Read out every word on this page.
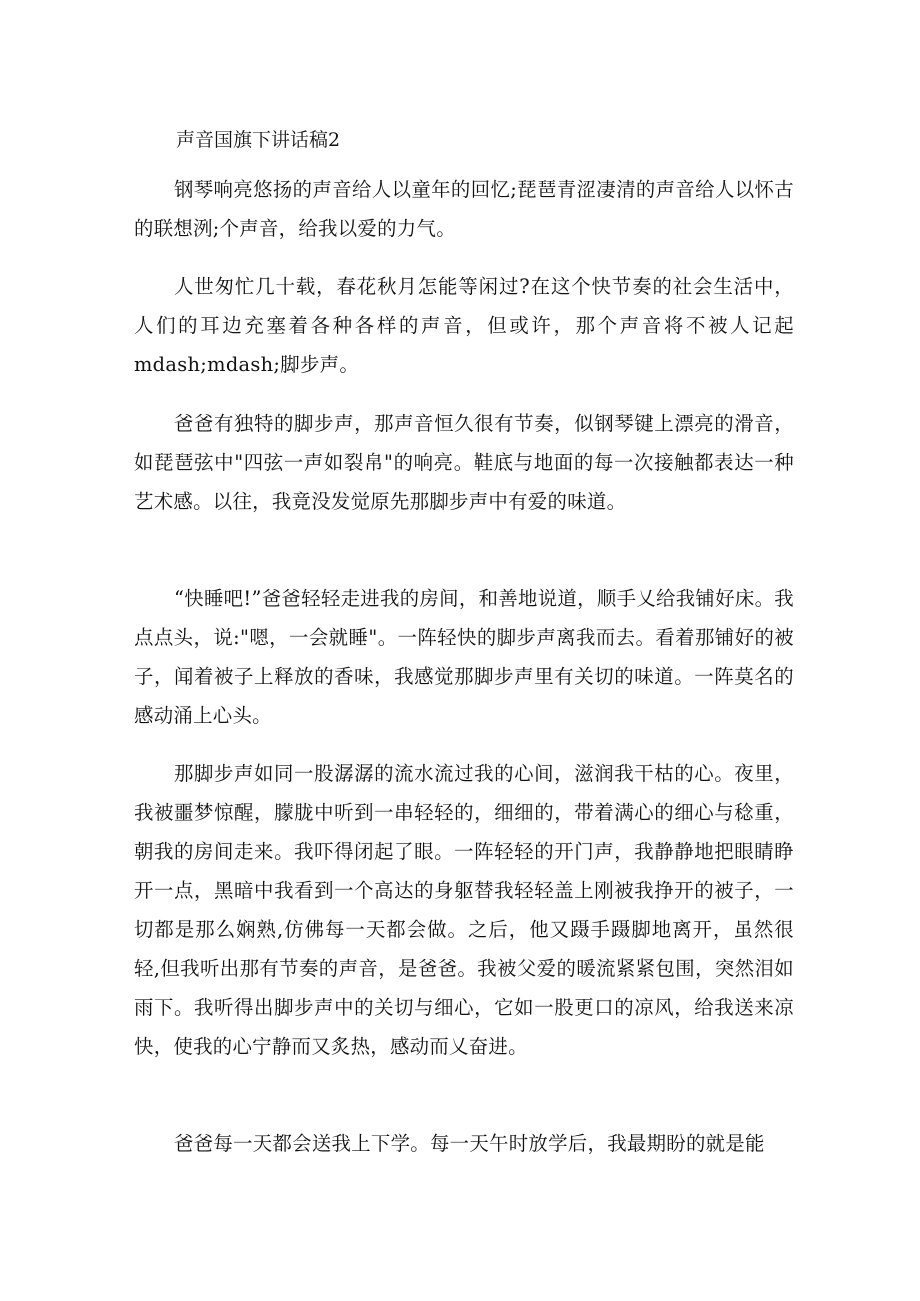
声音国旗下讲话稿2

钢琴响亮悠扬的声音给人以童年的回忆;琵琶青涩凄清的声音给人以怀古的联想洌;个声音，给我以爱的力气。

人世匆忙几十载，春花秋月怎能等闲过?在这个快节奏的社会生活中，人们的耳边充塞着各种各样的声音，但或许，那个声音将不被人记起mdash;mdash;脚步声。

爸爸有独特的脚步声，那声音恒久很有节奏，似钢琴键上漂亮的滑音，如琵琶弦中"四弦一声如裂帛"的响亮。鞋底与地面的每一次接触都表达一种艺术感。以往，我竟没发觉原先那脚步声中有爱的味道。

“快睡吧!”爸爸轻轻走进我的房间，和善地说道，顺手乂给我铺好床。我点点头，说:"嗯，一会就睡"。一阵轻快的脚步声离我而去。看着那铺好的被子，闻着被子上释放的香味，我感觉那脚步声里有关切的味道。一阵莫名的感动涌上心头。

那脚步声如同一股潺潺的流水流过我的心间，滋润我干枯的心。夜里，我被噩梦惊醒，朦胧中听到一串轻轻的，细细的，带着满心的细心与稔重，朝我的房间走来。我吓得闭起了眼。一阵轻轻的开门声，我静静地把眼睛睁开一点，黑暗中我看到一个高达的身躯替我轻轻盖上刚被我挣开的被子，一切都是那么娴熟,仿佛每一天都会做。之后，他又蹑手蹑脚地离开，虽然很轻,但我听出那有节奏的声音，是爸爸。我被父爱的暖流紧紧包围，突然泪如雨下。我听得出脚步声中的关切与细心，它如一股更口的凉风，给我送来凉快，使我的心宁静而又炙热，感动而乂奋进。

爸爸每一天都会送我上下学。每一天午时放学后，我最期盼的就是能
